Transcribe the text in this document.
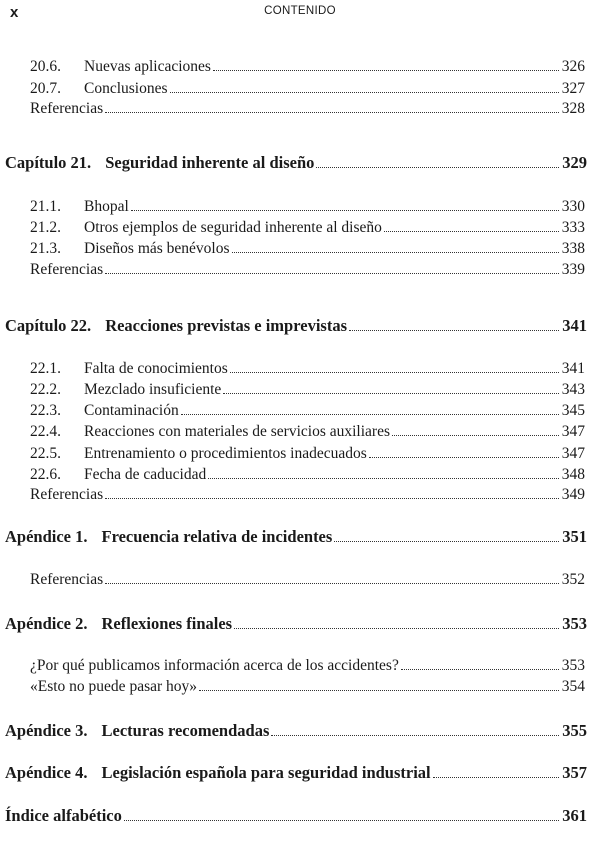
x	CONTENIDO
20.6.	Nuevas aplicaciones	326
20.7.	Conclusiones	327
Referencias	328
Capítulo 21. Seguridad inherente al diseño	329
21.1.	Bhopal	330
21.2.	Otros ejemplos de seguridad inherente al diseño	333
21.3.	Diseños más benévolos	338
Referencias	339
Capítulo 22. Reacciones previstas e imprevistas	341
22.1.	Falta de conocimientos	341
22.2.	Mezclado insuficiente	343
22.3.	Contaminación	345
22.4.	Reacciones con materiales de servicios auxiliares	347
22.5.	Entrenamiento o procedimientos inadecuados	347
22.6.	Fecha de caducidad	348
Referencias	349
Apéndice 1. Frecuencia relativa de incidentes	351
Referencias	352
Apéndice 2. Reflexiones finales	353
¿Por qué publicamos información acerca de los accidentes?	353
«Esto no puede pasar hoy»	354
Apéndice 3. Lecturas recomendadas	355
Apéndice 4. Legislación española para seguridad industrial	357
Índice alfabético	361
